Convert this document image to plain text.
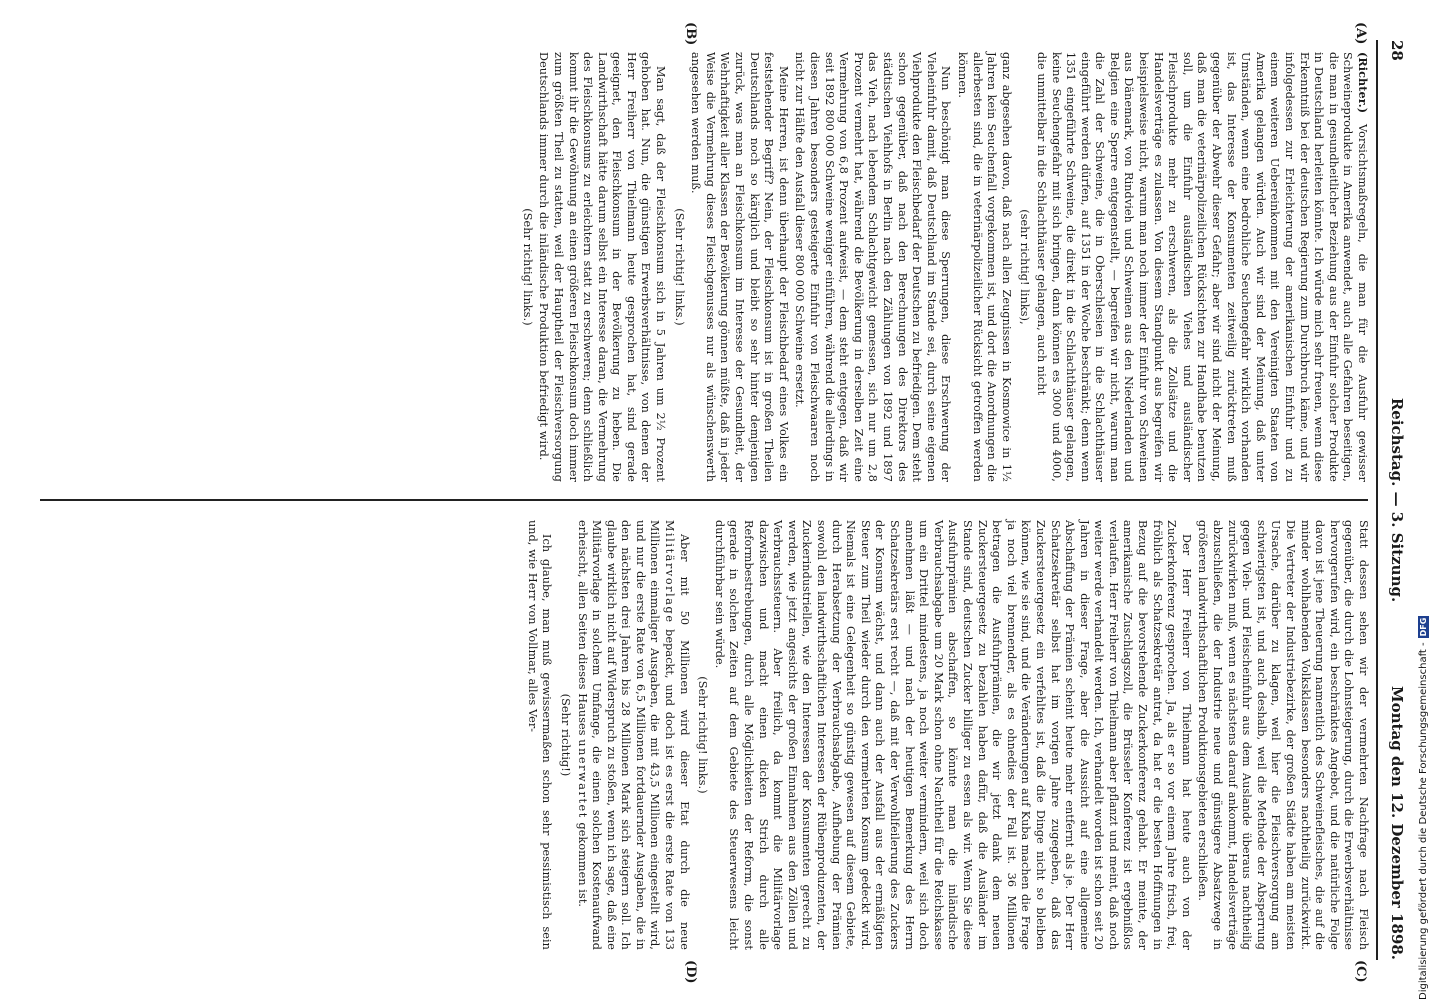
28
Reichstag. — 3. Sitzung.
Montag den 12. Dezember 1898.
(A)
(B)
(C)
(D)

(Richter.) Vorsichtsmaßregeln, die man für die Ausfuhr gewisser Schweineprodukte in Amerika anwendet, auch alle Gefahren beseitigen, die man in gesundheitlicher Beziehung aus der Einfuhr solcher Produkte in Deutschland herleiten könnte. Ich würde mich sehr freuen, wenn diese Erkenntniß bei der deutschen Regierung zum Durchbruch käme, und wir infolgedessen zur Erleichterung der amerikanischen Einfuhr und zu einem weiteren Uebereinkommen mit den Vereinigten Staaten von Amerika gelangen würden. Auch wir sind der Meinung, daß unter Umständen, wenn eine bedrohliche Seuchengefahr wirklich vorhanden ist, das Interesse der Konsumenten zeitweilig zurücktreten muß gegenüber der Abwehr dieser Gefahr; aber wir sind nicht der Meinung, daß man die veterinärpolizeilichen Rücksichten zur Handhabe benutzen soll, um die Einfuhr ausländischen Viehes und ausländischer Fleischprodukte mehr zu erschweren, als die Zollsätze und die Handelsverträge es zulassen. Von diesem Standpunkt aus begreifen wir beispielsweise nicht, warum man noch immer der Einfuhr von Schweinen aus Dänemark, von Rindvieh und Schweinen aus den Niederlanden und Belgien eine Sperre entgegenstellt, — begreifen wir nicht, warum man die Zahl der Schweine, die in Oberschlesien in die Schlachthäuser eingeführt werden dürfen, auf 1351 in der Woche beschränkt; denn wenn 1351 eingeführte Schweine, die direkt in die Schlachthäuser gelangen, keine Seuchengefahr mit sich bringen, dann können es 3000 und 4000, die unmittelbar in die Schlachthäuser gelangen, auch nicht

(sehr richtig! links),

ganz abgesehen davon, daß nach allen Zeugnissen in Kosmowice in 1½ Jahren kein Seuchenfall vorgekommen ist, und dort die Anordnungen die allerbesten sind, die in veterinärpolizeilicher Rücksicht getroffen werden können.

Nun beschönigt man diese Sperrungen, diese Erschwerung der Vieheinfuhr damit, daß Deutschland im Stande sei, durch seine eigenen Viehprodukte den Fleischbedarf der Deutschen zu befriedigen. Dem steht schon gegenüber, daß nach den Berechnungen des Direktors des städtischen Viehhofs in Berlin nach den Zählungen von 1892 und 1897 das Vieh, nach lebendem Schlachtgewicht gemessen, sich nur um 2,8 Prozent vermehrt hat, während die Bevölkerung in derselben Zeit eine Vermehrung von 6,8 Prozent aufweist, — dem steht entgegen, daß wir seit 1892 800 000 Schweine weniger einführen, während die allerdings in diesen Jahren besonders gesteigerte Einfuhr von Fleischwaaren noch nicht zur Hälfte den Ausfall dieser 800 000 Schweine ersetzt.

Meine Herren, ist denn überhaupt der Fleischbedarf eines Volkes ein feststehender Begriff? Nein, der Fleischkonsum ist in großen Theilen Deutschlands noch so kärglich und bleibt so sehr hinter demjenigen zurück, was man an Fleischkonsum im Interesse der Gesundheit, der Wehrhaftigkeit aller Klassen der Bevölkerung gönnen müßte, daß in jeder Weise die Vermehrung dieses Fleischgenusses nur als wünschenswerth angesehen werden muß.

(Sehr richtig! links.)

Man sagt, daß der Fleischkonsum sich in 5 Jahren um 2½ Prozent gehoben hat. Nun, die günstigen Erwerbsverhältnisse, von denen der Herr Freiherr von Thielmann heute gesprochen hat, sind gerade geeignet, den Fleischkonsum in der Bevölkerung zu heben. Die Landwirthschaft hätte darum selbst ein Interesse daran, die Vermehrung des Fleischkonsums zu erleichtern statt zu erschweren; denn schließlich kommt ihr die Gewöhnung an einen größeren Fleischkonsum doch immer zum größten Theil zu statten, weil der Hauptheil der Fleischversorgung Deutschlands immer durch die inländische Produktion befriedigt wird.

(Sehr richtig! links.)

Statt dessen sehen wir der vermehrten Nachfrage nach Fleisch gegenüber, die durch die Lohnsteigerung, durch die Erwerbsverhältnisse hervorgerufen wird, ein beschränktes Angebot, und die natürliche Folge davon ist jene Theuerung namentlich des Schweinefleisches, die auf die minder wohlhabenden Volksklassen besonders nachtheilig zurückwirkt. Die Vertreter der Industriebezirke, der großen Städte haben am meisten Ursache, darüber zu klagen, weil hier die Fleischversorgung am schwierigsten ist, und auch deshalb, weil die Methode der Absperrung gegen Vieh- und Fleischeinfuhr aus dem Auslande überaus nachtheilig zurückwirken muß, wenn es nächstens darauf ankommt, Handelsverträge abzuschließen, die der Industrie neue und günstigere Absatzwege in größeren landwirthschaftlichen Produktionsgebieten erschließen.

Der Herr Freiherr von Thielmann hat heute auch von der Zuckerkonferenz gesprochen. Ja, als er so vor einem Jahre frisch, frei, fröhlich als Schatzsekretär antrat, da hat er die besten Hoffnungen in Bezug auf die bevorstehende Zuckerkonferenz gehabt. Er meinte, der amerikanische Zuschlagszoll, die Brüsseler Konferenz ist ergebnißlos verlaufen. Herr Freiherr von Thielmann aber pflanzt und meint, daß noch weiter werde verhandelt werden. Ich, verhandelt worden ist schon seit 20 Jahren in dieser Frage, aber die Aussicht auf eine allgemeine Abschaffung der Prämien scheint heute mehr entfernt als je. Der Herr Schatzsekretär selbst hat im vorigen Jahre zugegeben, daß das Zuckersteuergesetz ein verfehltes ist, daß die Dinge nicht so bleiben können, wie sie sind, und die Veränderungen auf Kuba machen die Frage ja noch viel brennender, als es ohnedies der Fall ist. 36 Millionen betragen die Ausfuhrprämien, die wir jetzt dank dem neuen Zuckersteuergesetz zu bezahlen haben dafür, daß die Ausländer im Stande sind, deutschen Zucker billiger zu essen als wir. Wenn Sie diese Ausfuhrprämien abschaffen, so könnte man die inländische Verbrauchsabgabe um 20 Mark schon ohne Nachtheil für die Reichskasse um ein Drittel mindestens, ja noch weiter vermindern, weil sich doch annehmen läßt — und nach der heutigen Bemerkung des Herrn Schatzsekretärs erst recht —, daß mit der Verwohlfeilerung des Zuckers der Konsum wächst, und dann auch der Ausfall aus der ermäßigten Steuer zum Theil wieder durch den vermehrten Konsum gedeckt wird. Niemals ist eine Gelegenheit so günstig gewesen auf diesem Gebiete, durch Herabsetzung der Verbrauchsabgabe, Aufhebung der Prämien sowohl den landwirthschaftlichen Interessen der Rübenproduzenten, der Zuckerindustriellen, wie den Interessen der Konsumenten gerecht zu werden, wie jetzt angesichts der großen Einnahmen aus den Zöllen und Verbrauchssteuern. Aber freilich, da kommt die Militärvorlage dazwischen und macht einen dicken Strich durch alle Reformbestrebungen, durch alle Möglichkeiten der Reform, die sonst gerade in solchen Zeiten auf dem Gebiete des Steuerwesens leicht durchführbar sein würde.

(Sehr richtig! links.)

Aber mit 50 Millionen wird dieser Etat durch die neue Militärvorlage bepackt, und doch ist es erst die erste Rate von 133 Millionen einmaliger Ausgaben, die mit 43,5 Millionen eingestellt wird, und nur die erste Rate von 6,5 Millionen fortdauernder Ausgaben, die in den nächsten drei Jahren bis 28 Millionen Mark sich steigern soll. Ich glaube wirklich nicht auf Widerspruch zu stoßen, wenn ich sage, daß eine Militärvorlage in solchem Umfange, die einen solchen Kostenaufwand erheischt, allen Seiten dieses Hauses unerwartet gekommen ist.

(Sehr richtig!)

Ich glaube, man muß gewissermaßen schon sehr pessimistisch sein und, wie Herr von Vollmar, alles Ver-

Digitalisierung gefördert durch die Deutsche Forschungsgemeinschaft -DFG
